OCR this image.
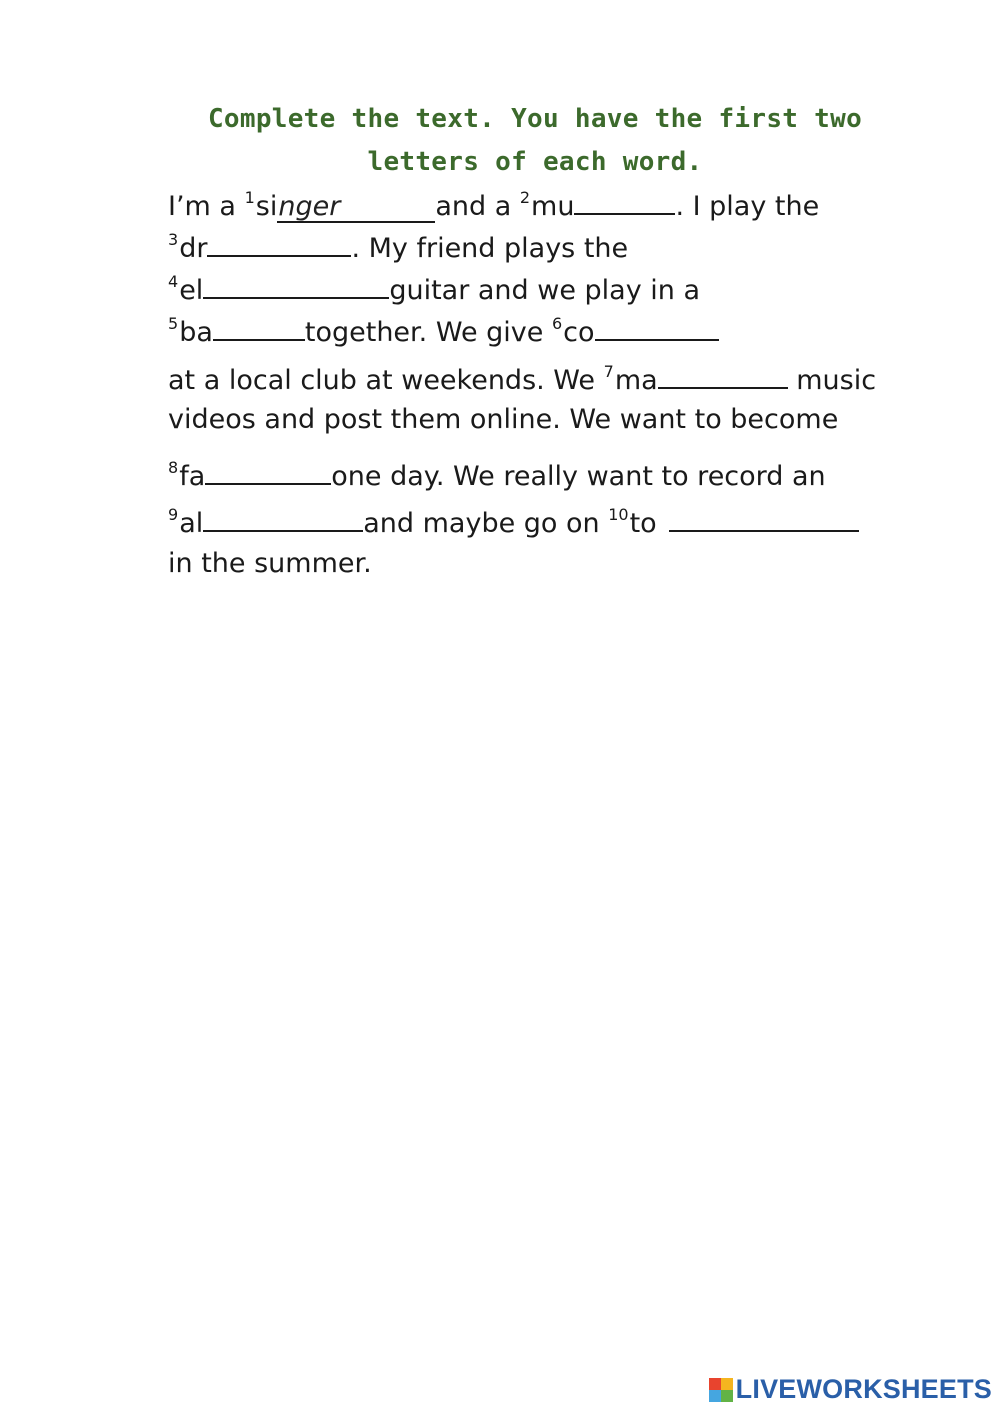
Complete the text. You have the first two letters of each word.
I’m a $^1$singer	and a $^2$mu	. I play the
$^3$dr	. My friend plays the
$^4$el	guitar and we play in a
$^5$ba	together. We give $^6$co
at a local club at weekends. We $^7$ma	music
videos and post them online. We want to become
$^8$fa	one day. We really want to record an
$^9$al	and maybe go on $^{10}$to
in the summer.
LIVEWORKSHEETS
